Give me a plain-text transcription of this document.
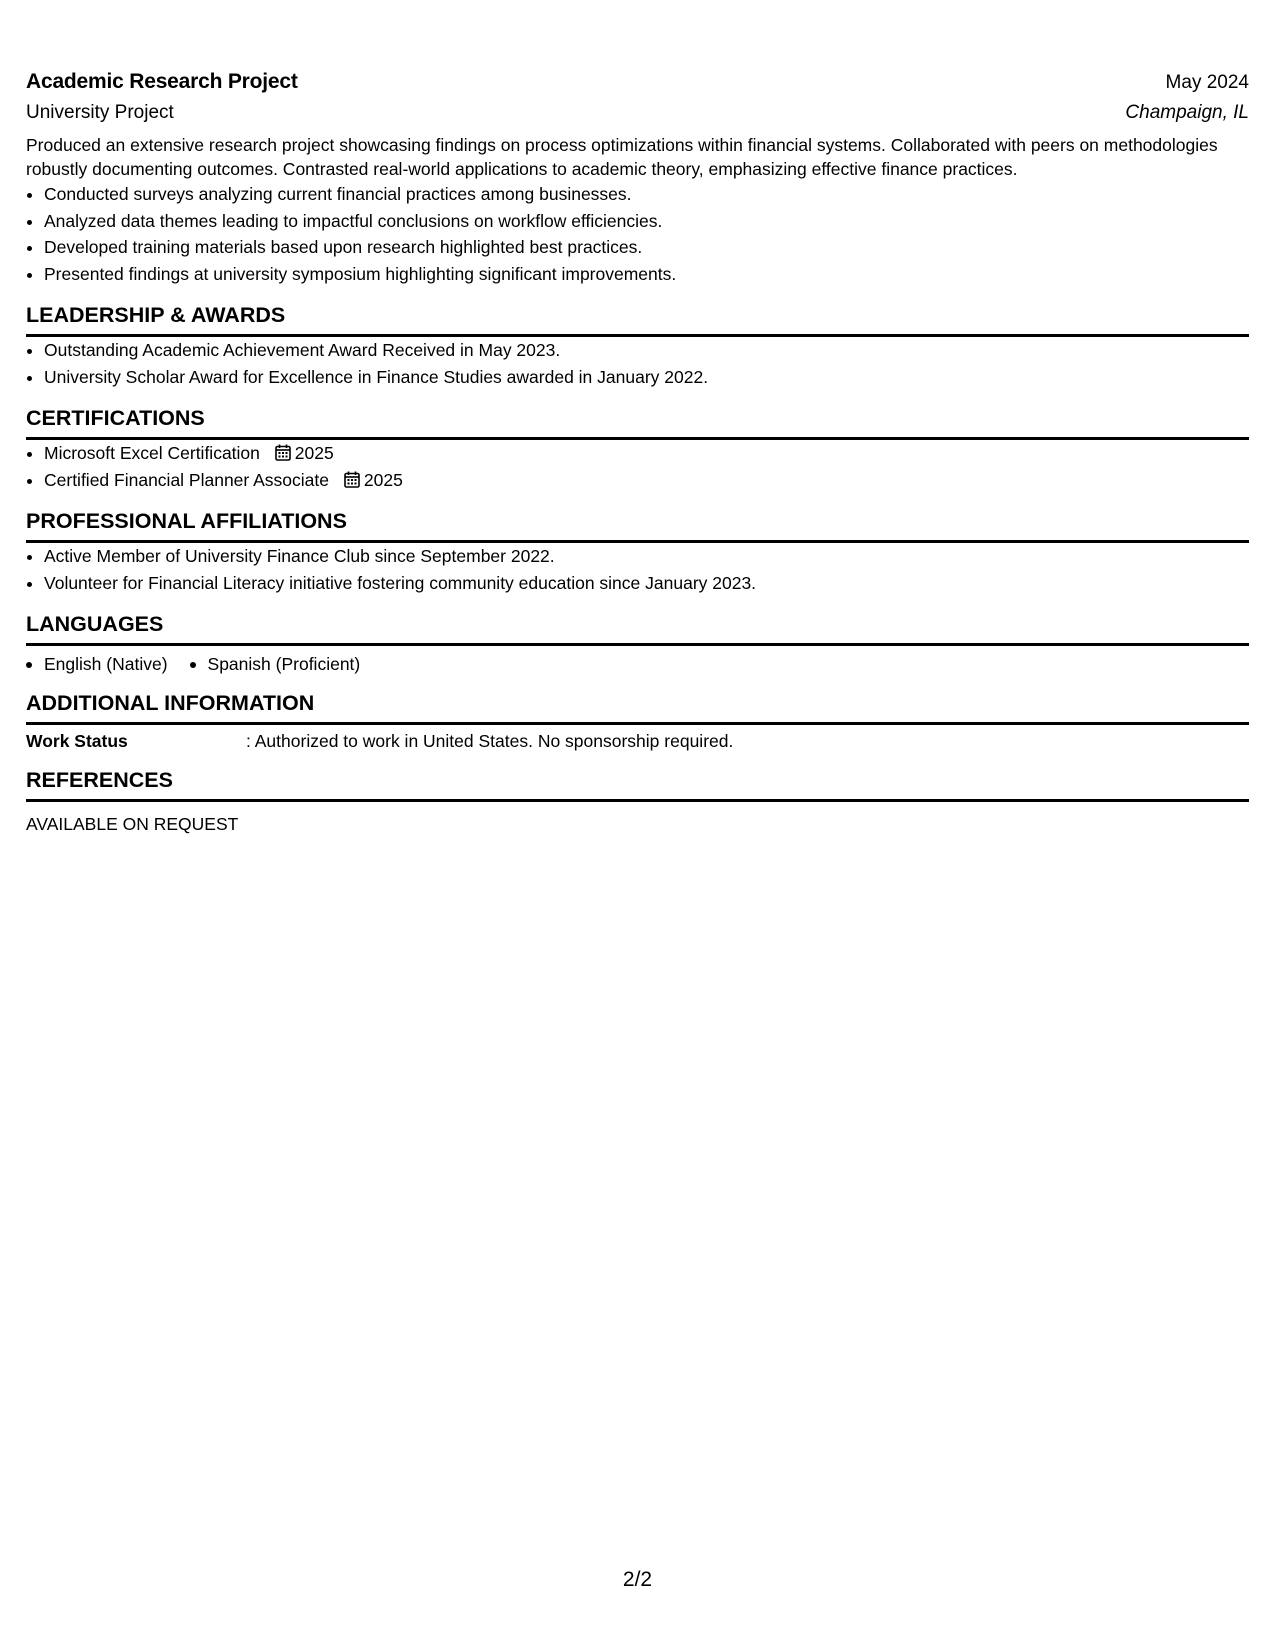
Academic Research Project	May 2024
University Project	Champaign, IL
Produced an extensive research project showcasing findings on process optimizations within financial systems. Collaborated with peers on methodologies robustly documenting outcomes. Contrasted real-world applications to academic theory, emphasizing effective finance practices.
• Conducted surveys analyzing current financial practices among businesses.
• Analyzed data themes leading to impactful conclusions on workflow efficiencies.
• Developed training materials based upon research highlighted best practices.
• Presented findings at university symposium highlighting significant improvements.
LEADERSHIP & AWARDS
• Outstanding Academic Achievement Award Received in May 2023.
• University Scholar Award for Excellence in Finance Studies awarded in January 2022.
CERTIFICATIONS
• Microsoft Excel Certification 2025
• Certified Financial Planner Associate 2025
PROFESSIONAL AFFILIATIONS
• Active Member of University Finance Club since September 2022.
• Volunteer for Financial Literacy initiative fostering community education since January 2023.
LANGUAGES
English (Native) Spanish (Proficient)
ADDITIONAL INFORMATION
Work Status	: Authorized to work in United States. No sponsorship required.
REFERENCES
AVAILABLE ON REQUEST
2/2
